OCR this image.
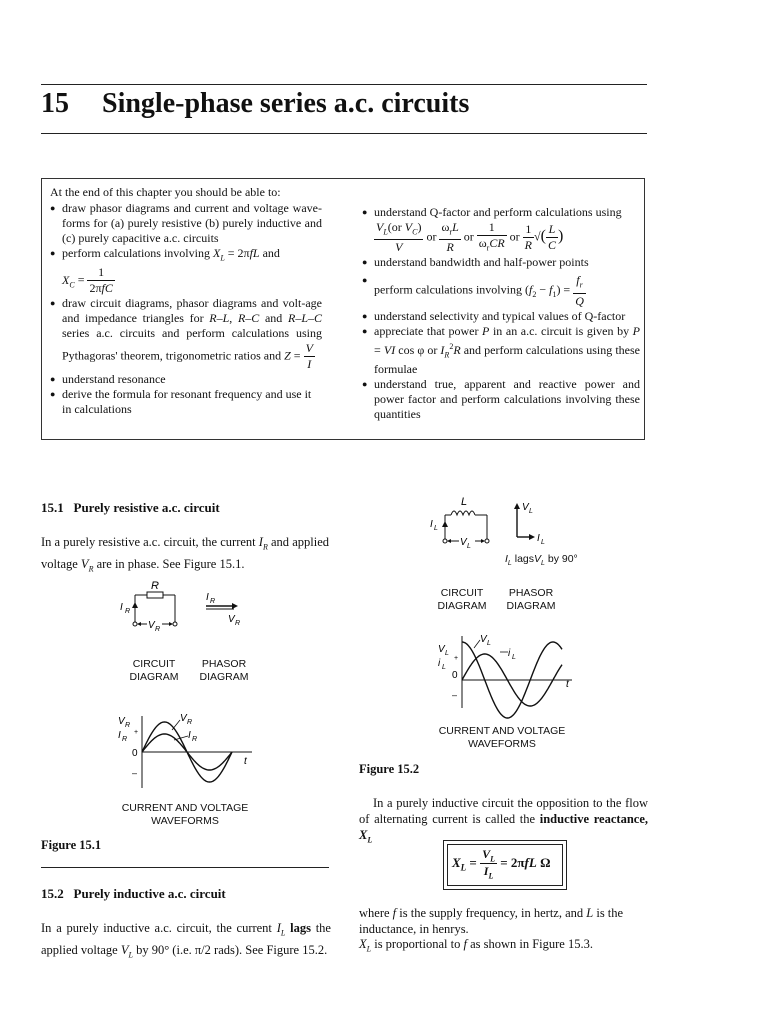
15 Single-phase series a.c. circuits
At the end of this chapter you should be able to:
● draw phasor diagrams and current and voltage wave-forms for (a) purely resistive (b) purely inductive and (c) purely capacitive a.c. circuits
● perform calculations involving $X_L = 2\pi fL$ and
$X_C = \frac{1}{\text{2πfC}}$
● draw circuit diagrams, phasor diagrams and volt-age and impedance triangles for R–L, R–C and R–L–C series a.c. circuits and perform calculations using Pythagoras' theorem, trigonometric ratios and $Z = \frac{V}{I}$
● understand resonance
● derive the formula for resonant frequency and use it in calculations
● understand Q-factor and perform calculations using

$\frac{V_L(or V_C)}{V}$ or $\frac{\omega_rL}{R}$ or $\frac{1}{\omega_rCR}$ or $\frac{1}{R}$ √( $\frac{L}{C}$ )
● understand bandwidth and half-power points
● perform calculations involving $(f_2 - f_1) = \frac{f_r}{Q}$
● understand selectivity and typical values of Q-factor
● appreciate that power P in an a.c. circuit is given by P = VI cos φ or $I_R^2R$ and perform calculations using these formulae
● understand true, apparent and reactive power and power factor and perform calculations involving these quantities
15.1   Purely resistive a.c. circuit
In a purely resistive a.c. circuit, the current $I_R$ and applied voltage $V_R$ are in phase. See Figure 15.1.
R
I R
V R
I R
V R
CIRCUIT DIAGRAM
PHASOR DIAGRAM
V R
I R
+
0
–
t
V R
I R
CURRENT AND VOLTAGE WAVEFORMS
Figure 15.1
15.2   Purely inductive a.c. circuit
In a purely inductive a.c. circuit, the current $I_L$ lags the applied voltage $V_L$ by 90° (i.e. π/2 rads). See Figure 15.2.
L
I L
V L
V L
I L
$I_L$ lagsV$_L$ by 90°
CIRCUIT DIAGRAM
PHASOR DIAGRAM
V L
i L
+
0
–
t
V L
i L
CURRENT AND VOLTAGE WAVEFORMS
Figure 15.2
In a purely inductive circuit the opposition to the flow of alternating current is called the inductive reactance, $X_L$
$X_L = \frac{V_L}{I_L} = 2\pi fL$ Ω
where f is the supply frequency, in hertz, and L is the inductance, in henrys.
$X_L$ is proportional to f as shown in Figure 15.3.
